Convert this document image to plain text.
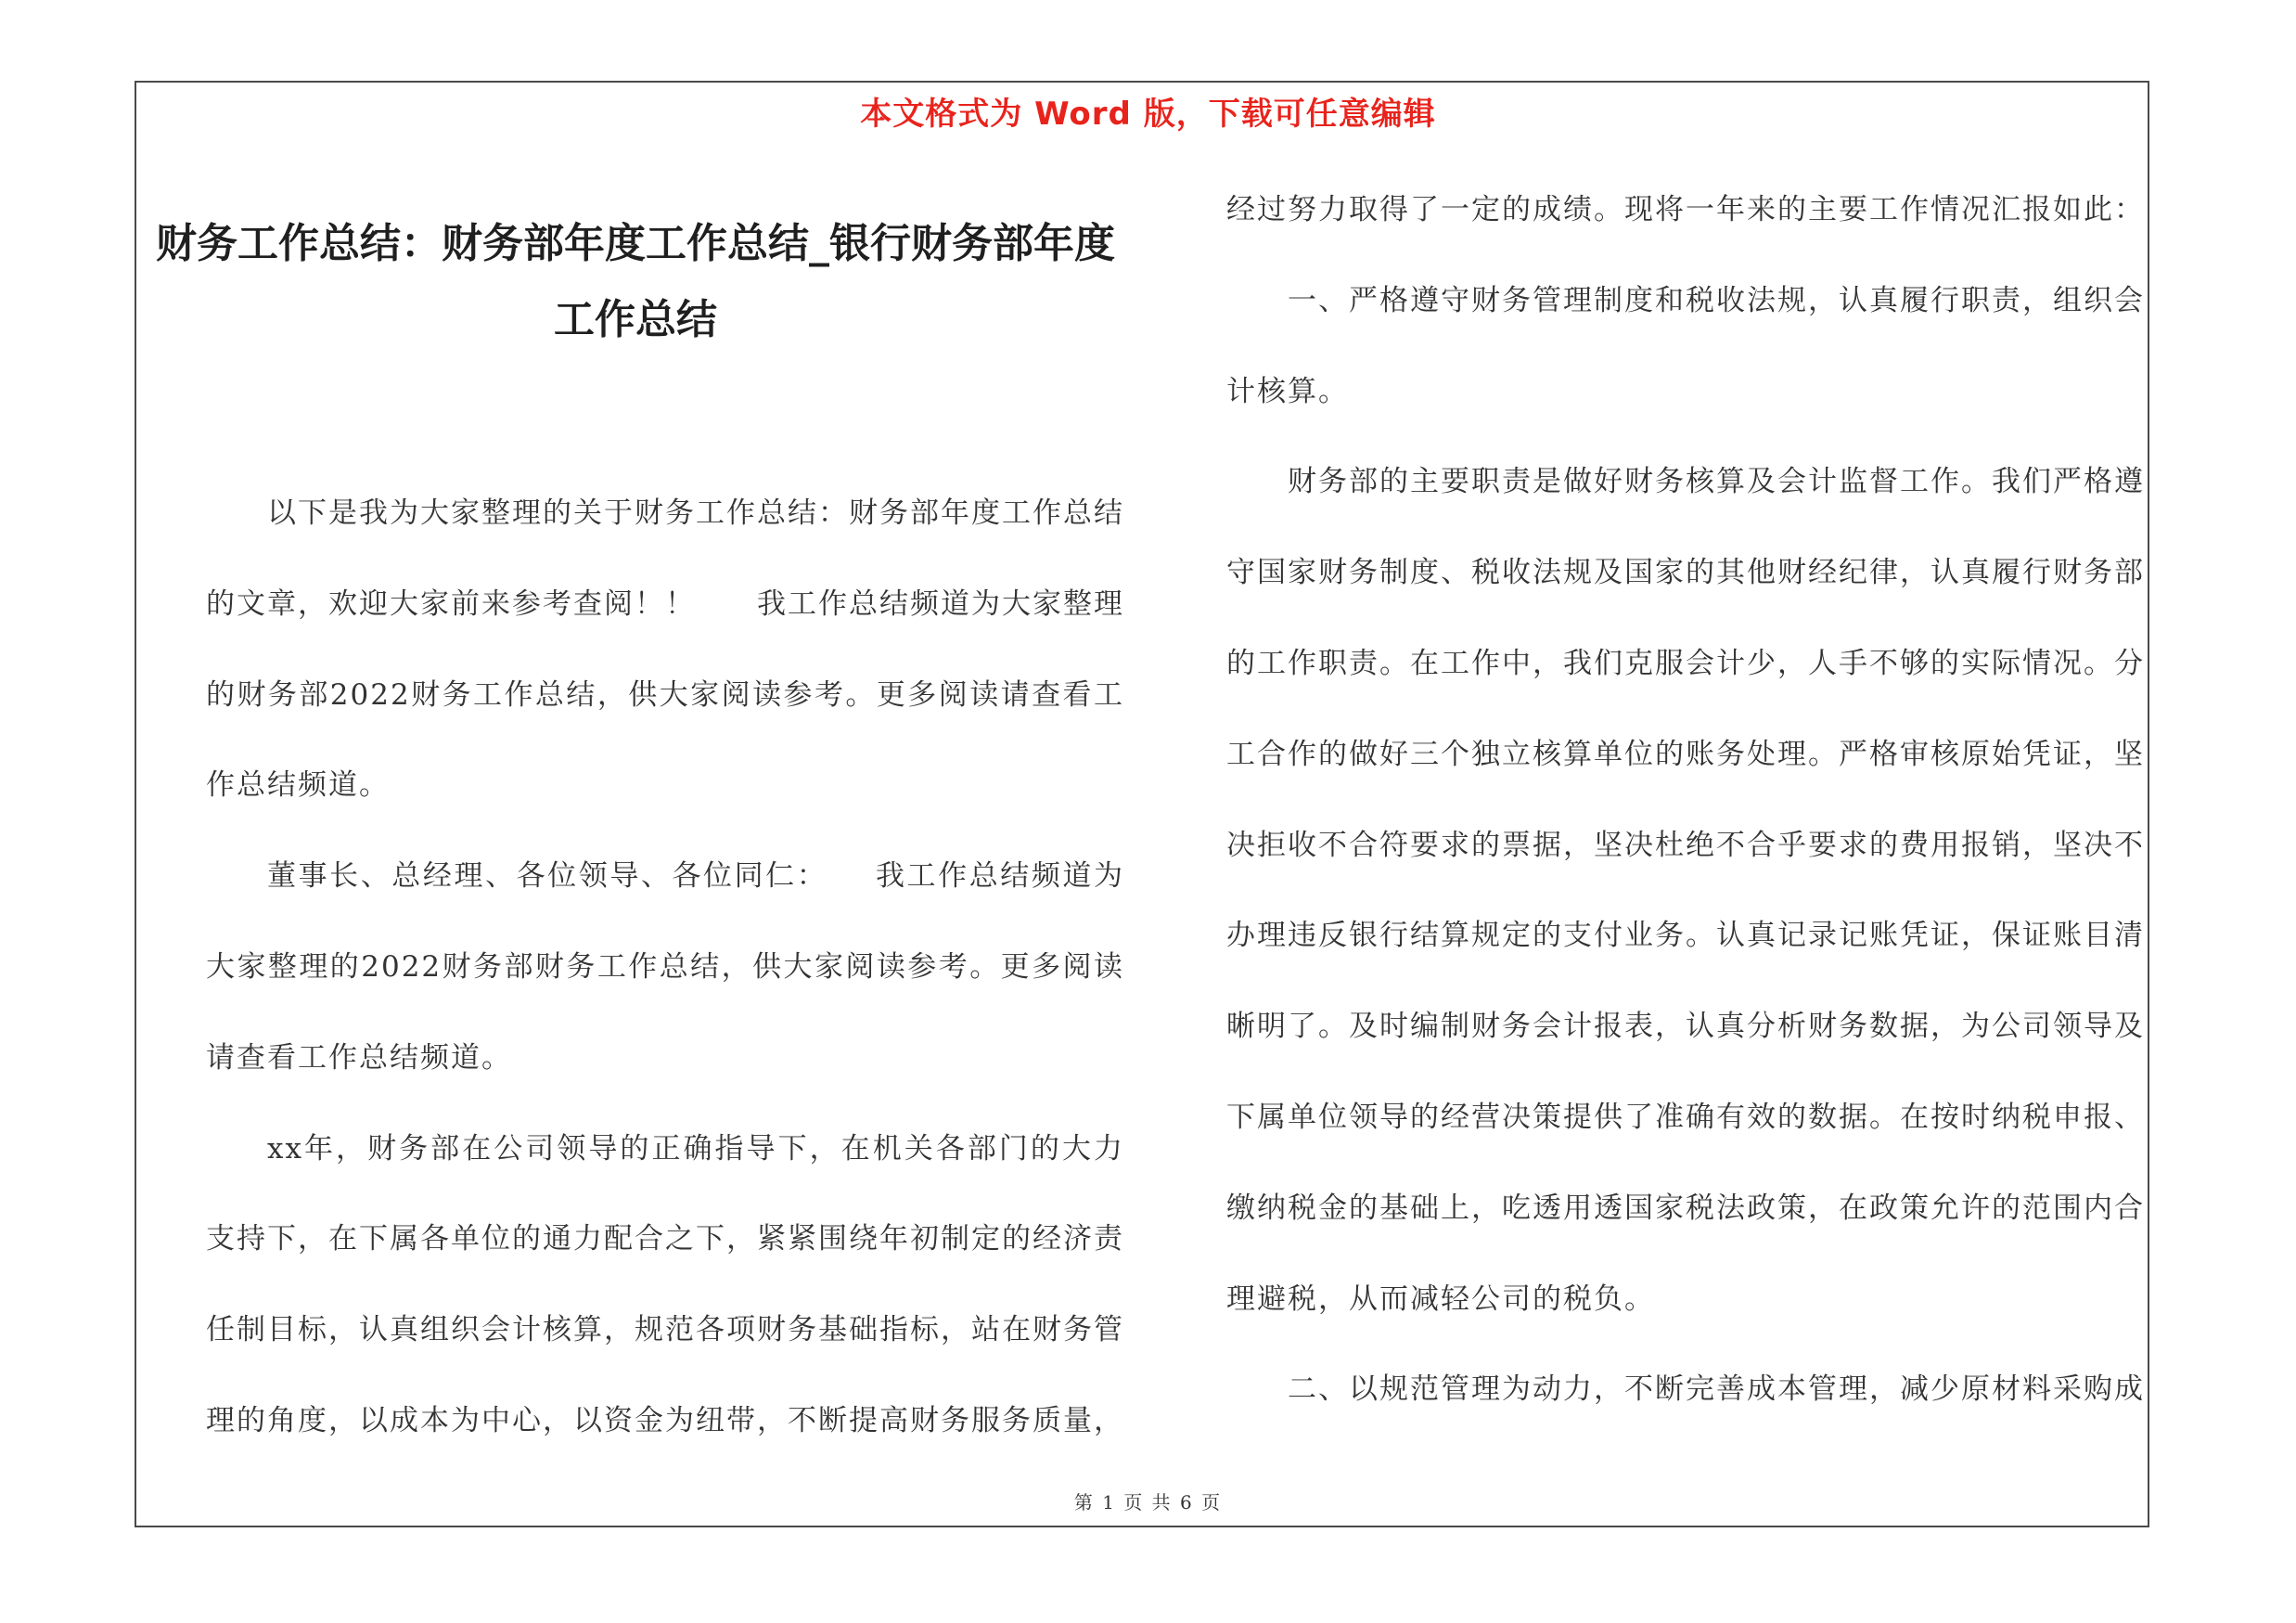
本文格式为 Word 版，下载可任意编辑
财务工作总结：财务部年度工作总结_银行财务部年度工作总结

以下是我为大家整理的关于财务工作总结：财务部年度工作总结的文章，欢迎大家前来参考查阅！！　　我工作总结频道为大家整理的财务部2022财务工作总结，供大家阅读参考。更多阅读请查看工作总结频道。

董事长、总经理、各位领导、各位同仁：　　我工作总结频道为大家整理的2022财务部财务工作总结，供大家阅读参考。更多阅读请查看工作总结频道。

xx年，财务部在公司领导的正确指导下，在机关各部门的大力支持下，在下属各单位的通力配合之下，紧紧围绕年初制定的经济责任制目标，认真组织会计核算，规范各项财务基础指标，站在财务管理的角度，以成本为中心，以资金为纽带，不断提高财务服务质量，

经过努力取得了一定的成绩。现将一年来的主要工作情况汇报如此：

一、严格遵守财务管理制度和税收法规，认真履行职责，组织会计核算。

财务部的主要职责是做好财务核算及会计监督工作。我们严格遵守国家财务制度、税收法规及国家的其他财经纪律，认真履行财务部的工作职责。在工作中，我们克服会计少，人手不够的实际情况。分工合作的做好三个独立核算单位的账务处理。严格审核原始凭证，坚决拒收不合符要求的票据，坚决杜绝不合乎要求的费用报销，坚决不办理违反银行结算规定的支付业务。认真记录记账凭证，保证账目清晰明了。及时编制财务会计报表，认真分析财务数据，为公司领导及下属单位领导的经营决策提供了准确有效的数据。在按时纳税申报、缴纳税金的基础上，吃透用透国家税法政策，在政策允许的范围内合理避税，从而减轻公司的税负。

二、以规范管理为动力，不断完善成本管理，减少原材料采购成

第 1 页 共 6 页
